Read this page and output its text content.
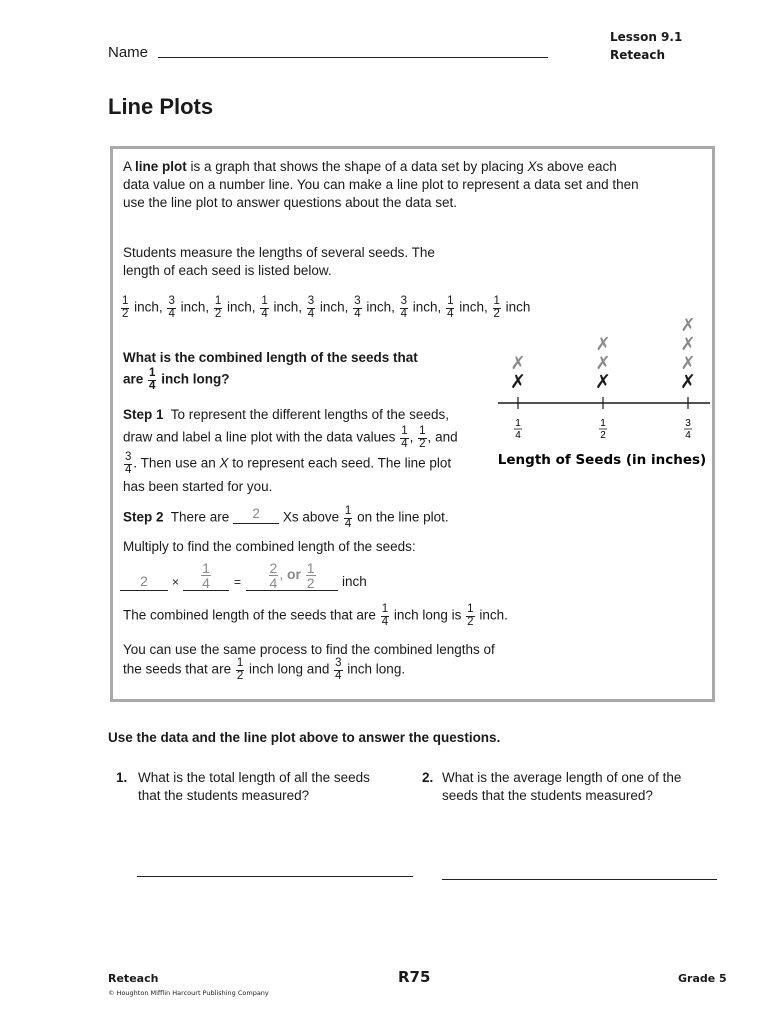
Name
Lesson 9.1
Reteach
Line Plots
A line plot is a graph that shows the shape of a data set by placing Xs above each data value on a number line. You can make a line plot to represent a data set and then use the line plot to answer questions about the data set.
Students measure the lengths of several seeds. The length of each seed is listed below.
$\frac{1}{2}$ inch, $\frac{3}{4}$ inch, $\frac{1}{2}$ inch, $\frac{1}{4}$ inch, $\frac{3}{4}$ inch, $\frac{3}{4}$ inch, $\frac{3}{4}$ inch, $\frac{1}{4}$ inch, $\frac{1}{2}$ inch
What is the combined length of the seeds that
are $\frac{1}{4}$ inch long?
Step 1 To represent the different lengths of the seeds,
draw and label a line plot with the data values $\frac{1}{4}$ , $\frac{1}{2}$ , and
$\frac{3}{4}$ . Then use an X to represent each seed. The line plot
has been started for you.
1
4
✗
✗
1
2
✗
✗
✗
3
4
✗
✗
✗
✗
Length of Seeds (in inches)
Step 2 There are 2 Xs above $\frac{1}{4}$ on the line plot.
Multiply to find the combined length of the seeds:
2	× $\frac{1}{4} = \frac{2}{4}$ , or $\frac{1}{2}$ inch
The combined length of the seeds that are $\frac{1}{4}$ inch long is $\frac{1}{2}$ inch.
You can use the same process to find the combined lengths of
the seeds that are $\frac{1}{2}$ inch long and $\frac{3}{4}$ inch long.
Use the data and the line plot above to answer the questions.
1. What is the total length of all the seeds
that the students measured?
2. What is the average length of one of the
seeds that the students measured?
Reteach
© Houghton Mifflin Harcourt Publishing Company
R75	Grade 5
